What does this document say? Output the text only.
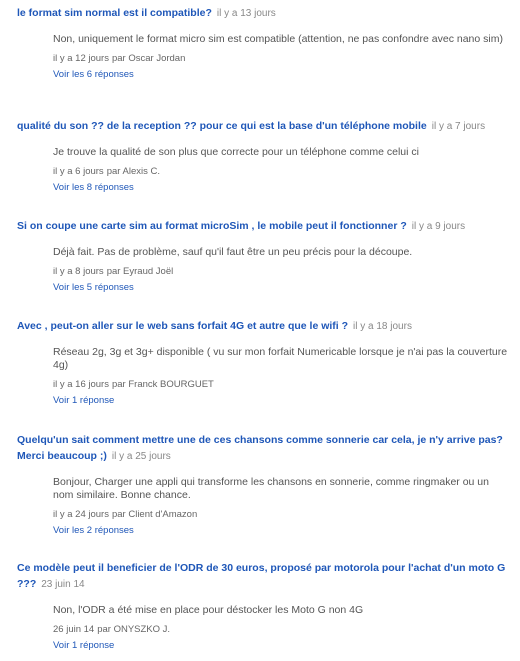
le format sim normal est il compatible? il y a 13 jours
Non, uniquement le format micro sim est compatible (attention, ne pas confondre avec nano sim)
il y a 12 jours par Oscar Jordan
Voir les 6 réponses
qualité du son ?? de la reception ?? pour ce qui est la base d'un téléphone mobile il y a 7 jours
Je trouve la qualité de son plus que correcte pour un téléphone comme celui ci
il y a 6 jours par Alexis C.
Voir les 8 réponses
Si on coupe une carte sim au format microSim , le mobile peut il fonctionner ? il y a 9 jours
Déjà fait. Pas de problème, sauf qu'il faut être un peu précis pour la découpe.
il y a 8 jours par Eyraud Joël
Voir les 5 réponses
Avec , peut-on aller sur le web sans forfait 4G et autre que le wifi ? il y a 18 jours
Réseau 2g, 3g et 3g+ disponible ( vu sur mon forfait Numericable lorsque je n'ai pas la couverture 4g)
il y a 16 jours par Franck BOURGUET
Voir 1 réponse
Quelqu'un sait comment mettre une de ces chansons comme sonnerie car cela, je n'y arrive pas? Merci beaucoup ;) il y a 25 jours
Bonjour, Charger une appli qui transforme les chansons en sonnerie, comme ringmaker ou un nom similaire. Bonne chance.
il y a 24 jours par Client d'Amazon
Voir les 2 réponses
Ce modèle peut il beneficier de l'ODR de 30 euros, proposé par motorola pour l'achat d'un moto G ??? 23 juin 14
Non, l'ODR a été mise en place pour déstocker les Moto G non 4G
26 juin 14 par ONYSZKO J.
Voir 1 réponse
